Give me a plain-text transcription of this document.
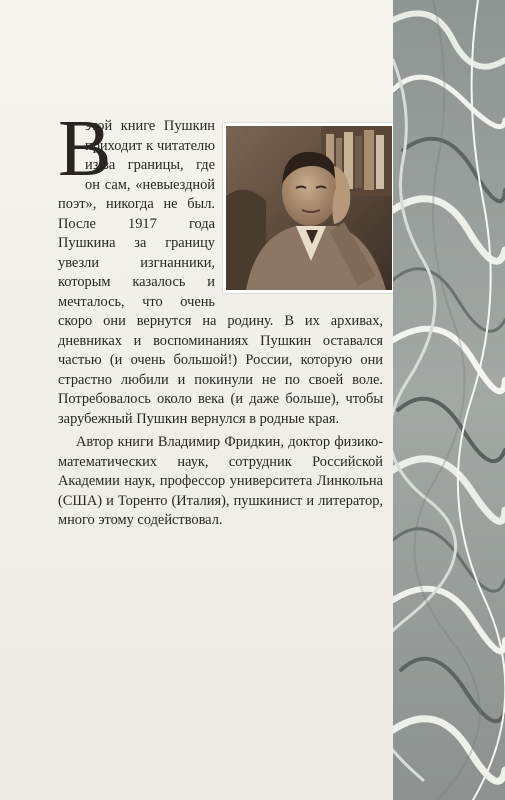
В
этой книге Пушкин приходит к читателю из-за границы, где он сам, «невыездной поэт», никогда не был. После 1917 года Пушкина за границу увезли изгнанники, которым казалось и мечталось, что очень скоро они вернутся на родину. В их архивах, дневниках и воспоминаниях Пушкин оставался частью (и очень большой!) России, которую они страстно любили и покинули не по своей воле. Потребовалось около века (и даже больше), чтобы зарубежный Пушкин вернулся в родные края.

Автор книги Владимир Фридкин, доктор физико-математических наук, сотрудник Российской Академии наук, профессор университета Линкольна (США) и Торенто (Италия), пушкинист и литератор, много этому содействовал.
